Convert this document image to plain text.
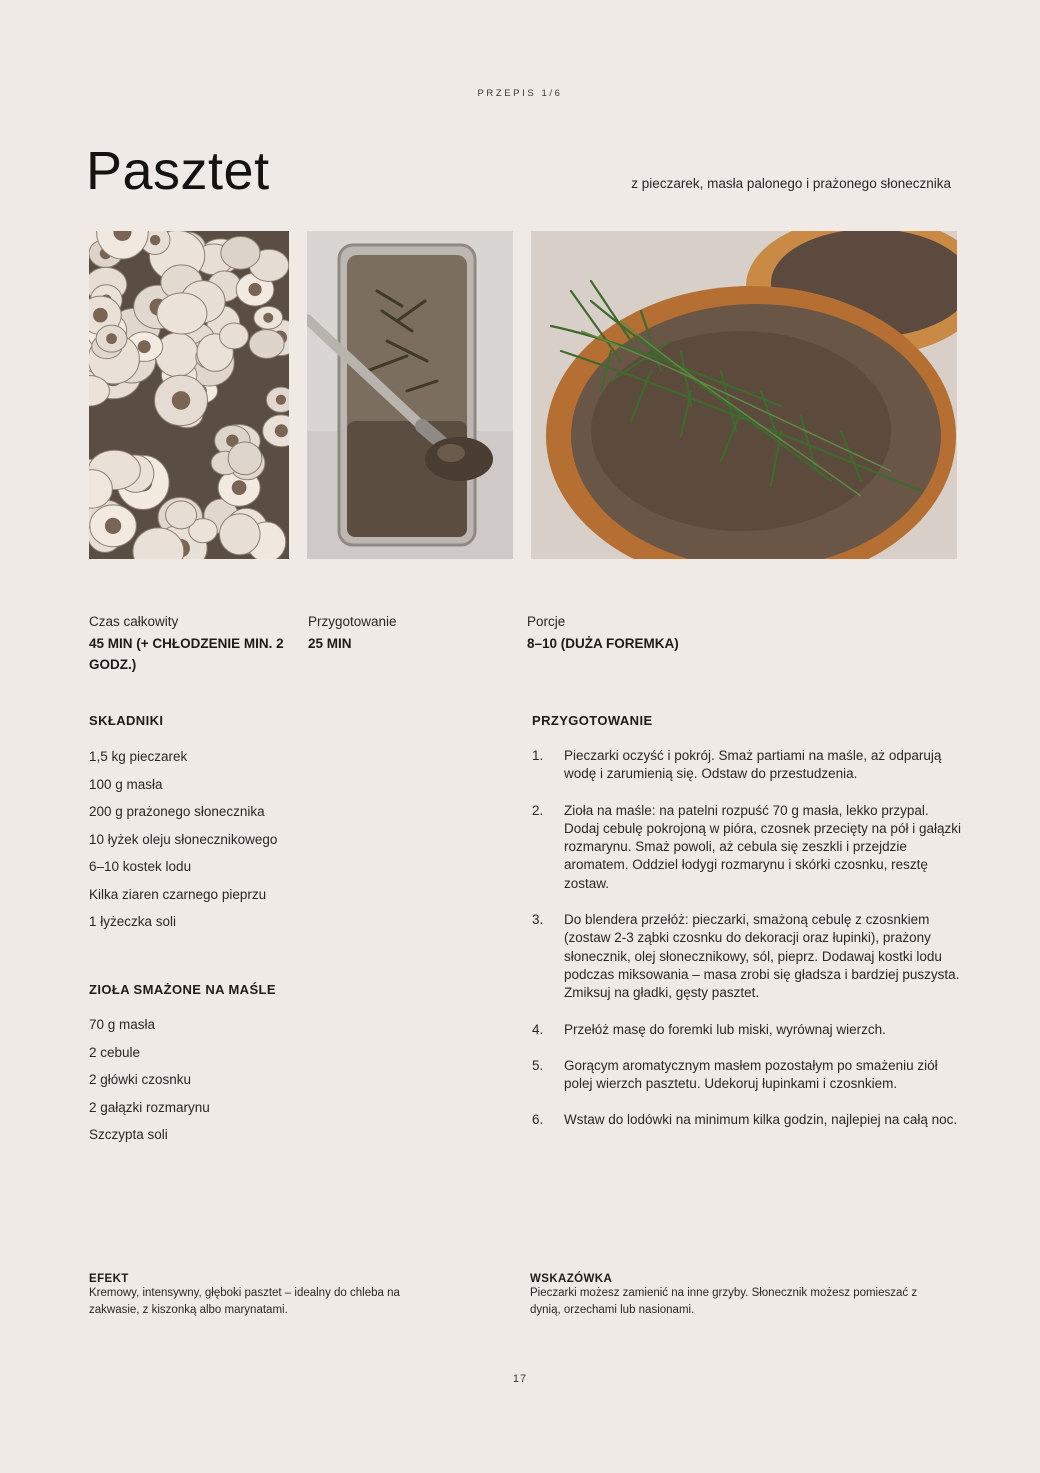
PRZEPIS 1/6
Pasztet	z pieczarek, masła palonego i prażonego słonecznika
Czas całkowity
45 MIN (+ CHŁODZENIE MIN. 2 GODZ.)
Przygotowanie
25 MIN
Porcje
8–10 (DUŻA FOREMKA)
SKŁADNIKI
1,5 kg pieczarek
100 g masła
200 g prażonego słonecznika
10 łyżek oleju słonecznikowego
6–10 kostek lodu
Kilka ziaren czarnego pieprzu
1 łyżeczka soli
ZIOŁA SMAŻONE NA MAŚLE
70 g masła
2 cebule
2 główki czosnku
2 gałązki rozmarynu
Szczypta soli
PRZYGOTOWANIE
1. Pieczarki oczyść i pokrój. Smaż partiami na maśle, aż odparują wodę i zarumienią się. Odstaw do przestudzenia.
2. Zioła na maśle: na patelni rozpuść 70 g masła, lekko przypal. Dodaj cebulę pokrojoną w pióra, czosnek przecięty na pół i gałązki rozmarynu. Smaż powoli, aż cebula się zeszkli i przejdzie aromatem. Oddziel łodygi rozmarynu i skórki czosnku, resztę zostaw.
3. Do blendera przełóż: pieczarki, smażoną cebulę z czosnkiem (zostaw 2-3 ząbki czosnku do dekoracji oraz łupinki), prażony słonecznik, olej słonecznikowy, sól, pieprz. Dodawaj kostki lodu podczas miksowania – masa zrobi się gładsza i bardziej puszysta. Zmiksuj na gładki, gęsty pasztet.
4. Przełóż masę do foremki lub miski, wyrównaj wierzch.
5. Gorącym aromatycznym masłem pozostałym po smażeniu ziół polej wierzch pasztetu. Udekoruj łupinkami i czosnkiem.
6. Wstaw do lodówki na minimum kilka godzin, najlepiej na całą noc.
EFEKT
Kremowy, intensywny, głęboki pasztet – idealny do chleba na zakwasie, z kiszonką albo marynatami.
WSKAZÓWKA
Pieczarki możesz zamienić na inne grzyby. Słonecznik możesz pomieszać z dynią, orzechami lub nasionami.
17
